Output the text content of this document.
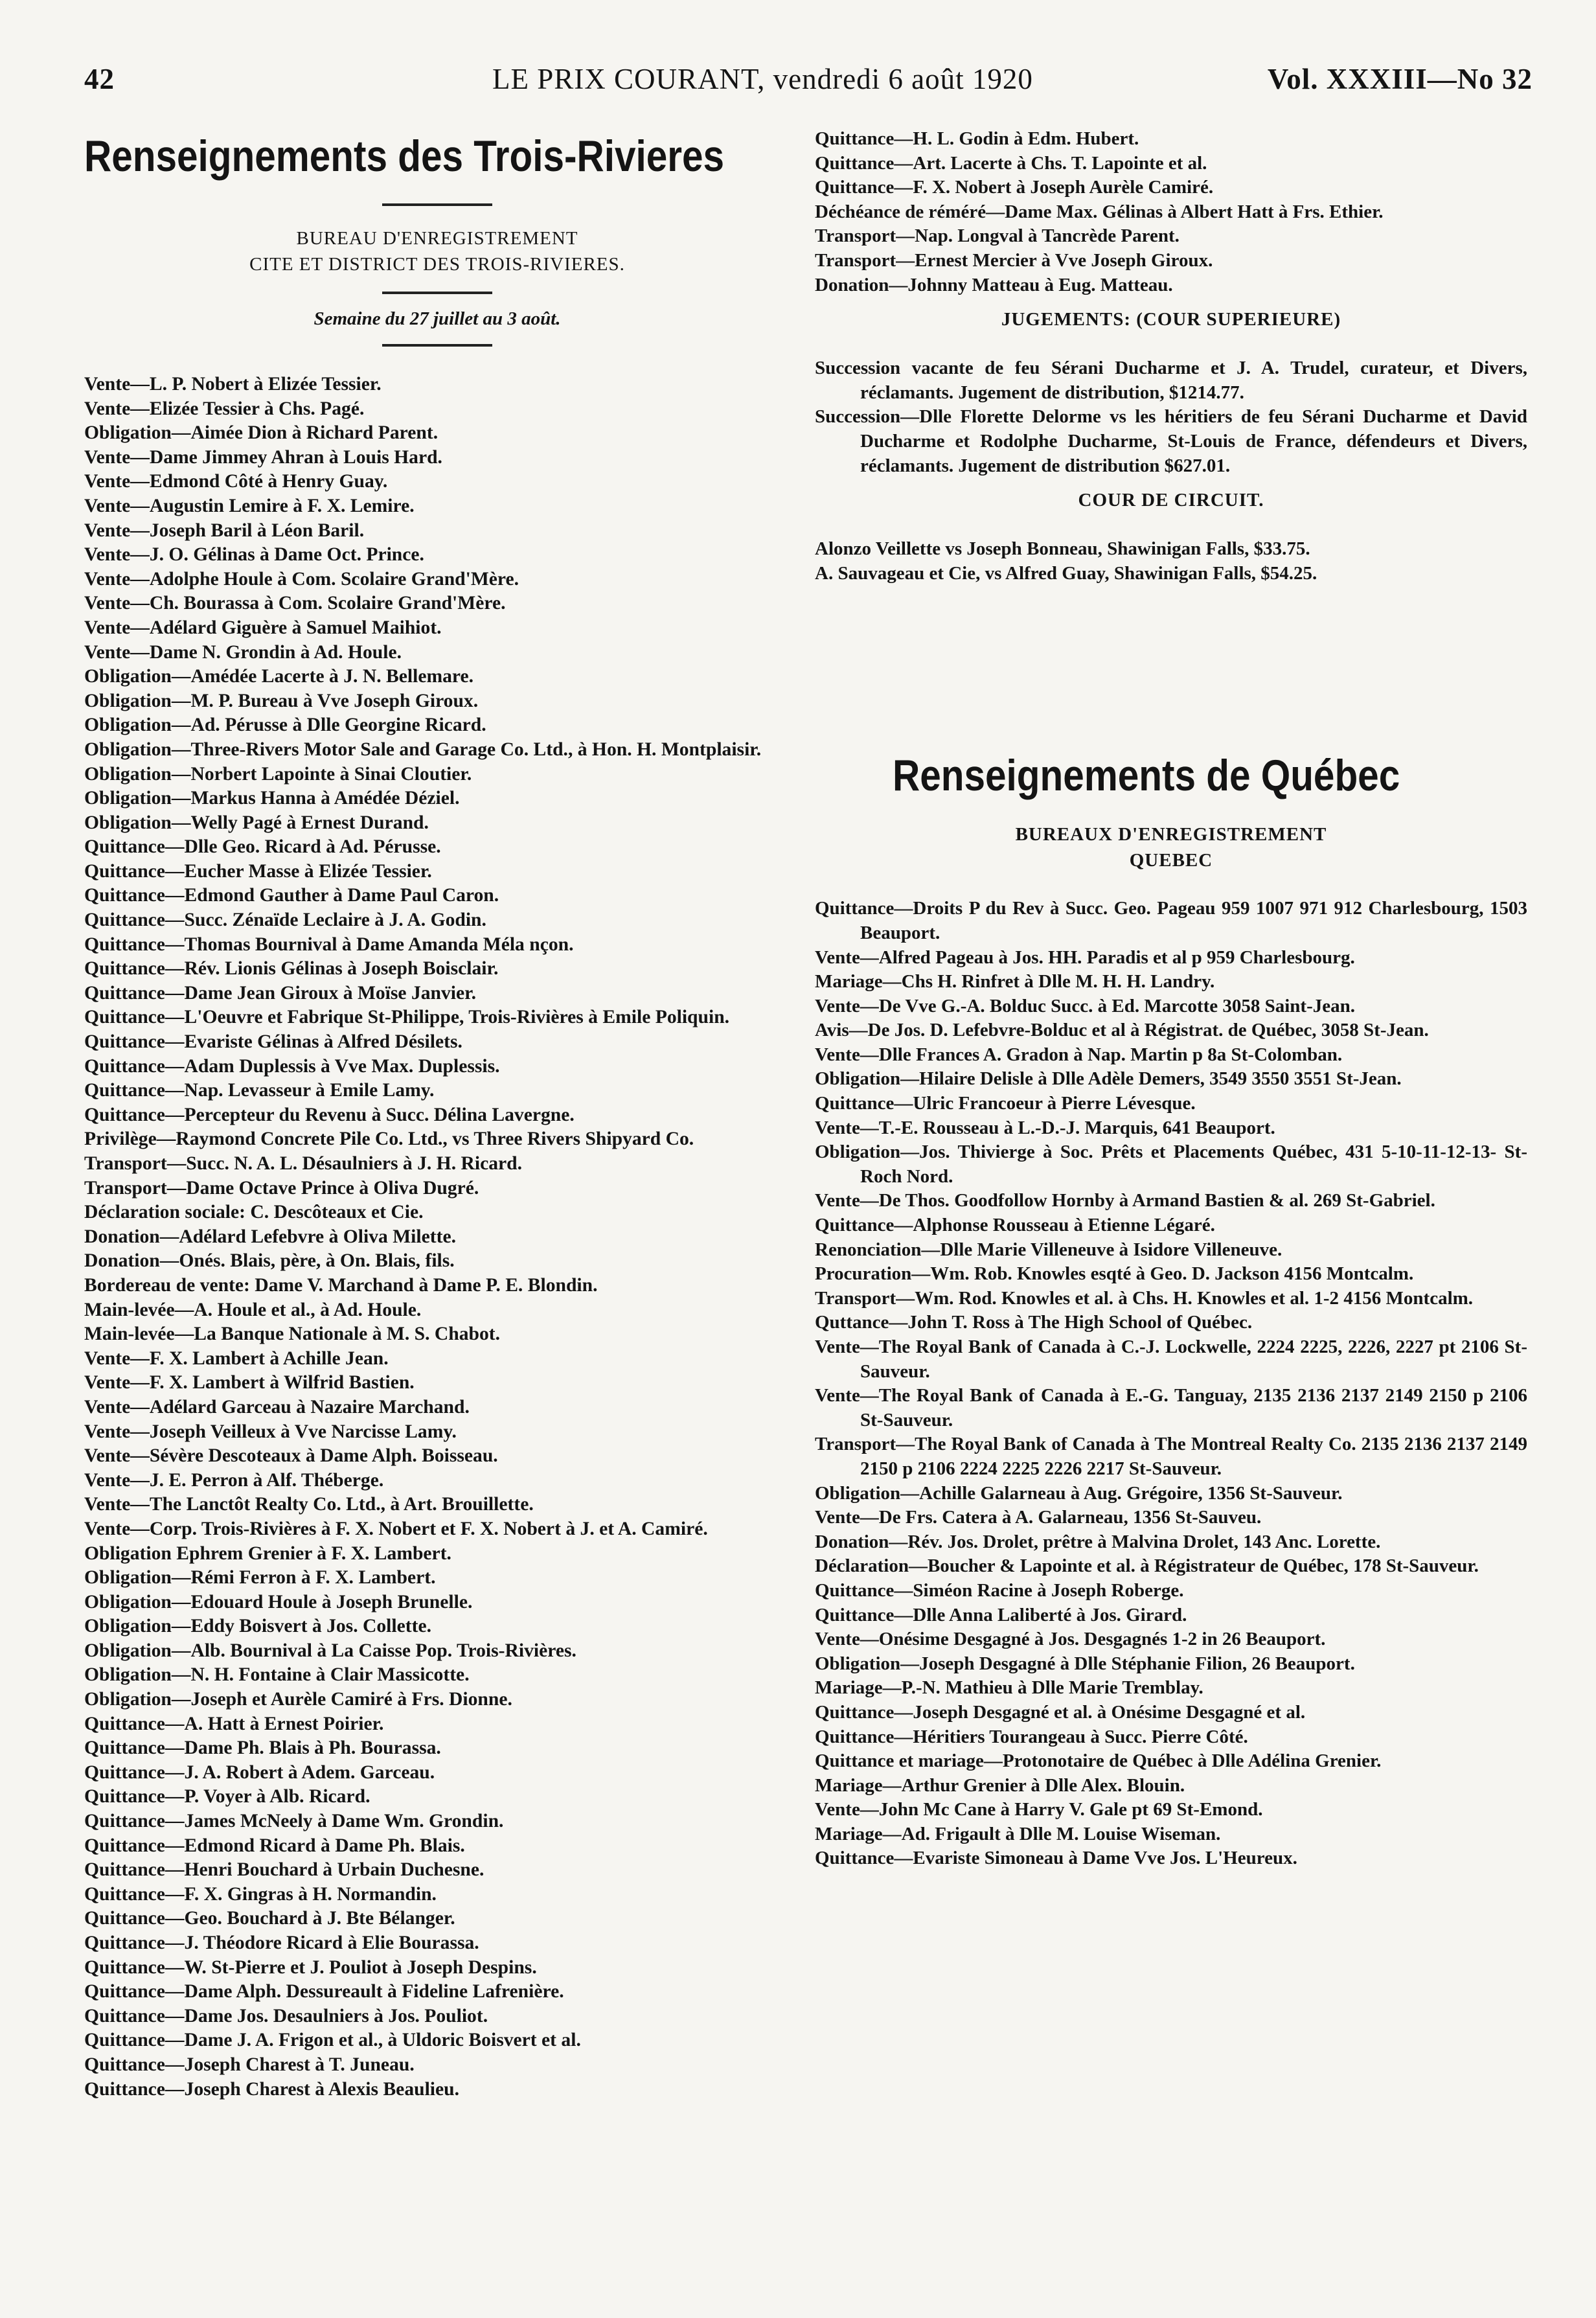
42	LE PRIX COURANT, vendredi 6 août 1920	Vol. XXXIII—No 32
Renseignements des Trois-Rivieres
BUREAU D'ENREGISTREMENT
CITE ET DISTRICT DES TROIS-RIVIERES.
Semaine du 27 juillet au 3 août.
Vente—L. P. Nobert à Elizée Tessier.
Vente—Elizée Tessier à Chs. Pagé.
Obligation—Aimée Dion à Richard Parent.
Vente—Dame Jimmey Ahran à Louis Hard.
Vente—Edmond Côté à Henry Guay.
Vente—Augustin Lemire à F. X. Lemire.
Vente—Joseph Baril à Léon Baril.
Vente—J. O. Gélinas à Dame Oct. Prince.
Vente—Adolphe Houle à Com. Scolaire Grand'Mère.
Vente—Ch. Bourassa à Com. Scolaire Grand'Mère.
Vente—Adélard Giguère à Samuel Maihiot.
Vente—Dame N. Grondin à Ad. Houle.
Obligation—Amédée Lacerte à J. N. Bellemare.
Obligation—M. P. Bureau à Vve Joseph Giroux.
Obligation—Ad. Pérusse à Dlle Georgine Ricard.
Obligation—Three-Rivers Motor Sale and Garage Co. Ltd., à Hon. H. Montplaisir.
Obligation—Norbert Lapointe à Sinai Cloutier.
Obligation—Markus Hanna à Amédée Déziel.
Obligation—Welly Pagé à Ernest Durand.
Quittance—Dlle Geo. Ricard à Ad. Pérusse.
Quittance—Eucher Masse à Elizée Tessier.
Quittance—Edmond Gauther à Dame Paul Caron.
Quittance—Succ. Zénaïde Leclaire à J. A. Godin.
Quittance—Thomas Bournival à Dame Amanda Méla nçon.
Quittance—Rév. Lionis Gélinas à Joseph Boisclair.
Quittance—Dame Jean Giroux à Moïse Janvier.
Quittance—L'Oeuvre et Fabrique St-Philippe, Trois-Rivières à Emile Poliquin.
Quittance—Evariste Gélinas à Alfred Désilets.
Quittance—Adam Duplessis à Vve Max. Duplessis.
Quittance—Nap. Levasseur à Emile Lamy.
Quittance—Percepteur du Revenu à Succ. Délina Lavergne.
Privilège—Raymond Concrete Pile Co. Ltd., vs Three Rivers Shipyard Co.
Transport—Succ. N. A. L. Désaulniers à J. H. Ricard.
Transport—Dame Octave Prince à Oliva Dugré.
Déclaration sociale: C. Descôteaux et Cie.
Donation—Adélard Lefebvre à Oliva Milette.
Donation—Onés. Blais, père, à On. Blais, fils.
Bordereau de vente: Dame V. Marchand à Dame P. E. Blondin.
Main-levée—A. Houle et al., à Ad. Houle.
Main-levée—La Banque Nationale à M. S. Chabot.
Vente—F. X. Lambert à Achille Jean.
Vente—F. X. Lambert à Wilfrid Bastien.
Vente—Adélard Garceau à Nazaire Marchand.
Vente—Joseph Veilleux à Vve Narcisse Lamy.
Vente—Sévère Descoteaux à Dame Alph. Boisseau.
Vente—J. E. Perron à Alf. Théberge.
Vente—The Lanctôt Realty Co. Ltd., à Art. Brouillette.
Vente—Corp. Trois-Rivières à F. X. Nobert et F. X. Nobert à J. et A. Camiré.
Obligation Ephrem Grenier à F. X. Lambert.
Obligation—Rémi Ferron à F. X. Lambert.
Obligation—Edouard Houle à Joseph Brunelle.
Obligation—Eddy Boisvert à Jos. Collette.
Obligation—Alb. Bournival à La Caisse Pop. Trois-Rivières.
Obligation—N. H. Fontaine à Clair Massicotte.
Obligation—Joseph et Aurèle Camiré à Frs. Dionne.
Quittance—A. Hatt à Ernest Poirier.
Quittance—Dame Ph. Blais à Ph. Bourassa.
Quittance—J. A. Robert à Adem. Garceau.
Quittance—P. Voyer à Alb. Ricard.
Quittance—James McNeely à Dame Wm. Grondin.
Quittance—Edmond Ricard à Dame Ph. Blais.
Quittance—Henri Bouchard à Urbain Duchesne.
Quittance—F. X. Gingras à H. Normandin.
Quittance—Geo. Bouchard à J. Bte Bélanger.
Quittance—J. Théodore Ricard à Elie Bourassa.
Quittance—W. St-Pierre et J. Pouliot à Joseph Despins.
Quittance—Dame Alph. Dessureault à Fideline Lafrenière.
Quittance—Dame Jos. Desaulniers à Jos. Pouliot.
Quittance—Dame J. A. Frigon et al., à Uldoric Boisvert et al.
Quittance—Joseph Charest à T. Juneau.
Quittance—Joseph Charest à Alexis Beaulieu.
Quittance—H. L. Godin à Edm. Hubert.
Quittance—Art. Lacerte à Chs. T. Lapointe et al.
Quittance—F. X. Nobert à Joseph Aurèle Camiré.
Déchéance de réméré—Dame Max. Gélinas à Albert Hatt à Frs. Ethier.
Transport—Nap. Longval à Tancrède Parent.
Transport—Ernest Mercier à Vve Joseph Giroux.
Donation—Johnny Matteau à Eug. Matteau.
JUGEMENTS: (COUR SUPERIEURE)
Succession vacante de feu Sérani Ducharme et J. A. Trudel, curateur, et Divers, réclamants. Jugement de distribution, $1214.77.
Succession—Dlle Florette Delorme vs les héritiers de feu Sérani Ducharme et David Ducharme et Rodolphe Ducharme, St-Louis de France, défendeurs et Divers, réclamants. Jugement de distribution $627.01.
COUR DE CIRCUIT.
Alonzo Veillette vs Joseph Bonneau, Shawinigan Falls, $33.75.
A. Sauvageau et Cie, vs Alfred Guay, Shawinigan Falls, $54.25.
Renseignements de Québec
BUREAUX D'ENREGISTREMENT
QUEBEC
Quittance—Droits P du Rev à Succ. Geo. Pageau 959 1007 971 912 Charlesbourg, 1503 Beauport.
Vente—Alfred Pageau à Jos. HH. Paradis et al p 959 Charlesbourg.
Mariage—Chs H. Rinfret à Dlle M. H. H. Landry.
Vente—De Vve G.-A. Bolduc Succ. à Ed. Marcotte 3058 Saint-Jean.
Avis—De Jos. D. Lefebvre-Bolduc et al à Régistrat. de Québec, 3058 St-Jean.
Vente—Dlle Frances A. Gradon à Nap. Martin p 8a St-Colomban.
Obligation—Hilaire Delisle à Dlle Adèle Demers, 3549 3550 3551 St-Jean.
Quittance—Ulric Francoeur à Pierre Lévesque.
Vente—T.-E. Rousseau à L.-D.-J. Marquis, 641 Beauport.
Obligation—Jos. Thivierge à Soc. Prêts et Placements Québec, 431 5-10-11-12-13- St-Roch Nord.
Vente—De Thos. Goodfollow Hornby à Armand Bastien & al. 269 St-Gabriel.
Quittance—Alphonse Rousseau à Etienne Légaré.
Renonciation—Dlle Marie Villeneuve à Isidore Villeneuve.
Procuration—Wm. Rob. Knowles esqté à Geo. D. Jackson 4156 Montcalm.
Transport—Wm. Rod. Knowles et al. à Chs. H. Knowles et al. 1-2 4156 Montcalm.
Quttance—John T. Ross à The High School of Québec.
Vente—The Royal Bank of Canada à C.-J. Lockwelle, 2224 2225, 2226, 2227 pt 2106 St-Sauveur.
Vente—The Royal Bank of Canada à E.-G. Tanguay, 2135 2136 2137 2149 2150 p 2106 St-Sauveur.
Transport—The Royal Bank of Canada à The Montreal Realty Co. 2135 2136 2137 2149 2150 p 2106 2224 2225 2226 2217 St-Sauveur.
Obligation—Achille Galarneau à Aug. Grégoire, 1356 St-Sauveur.
Vente—De Frs. Catera à A. Galarneau, 1356 St-Sauveu.
Donation—Rév. Jos. Drolet, prêtre à Malvina Drolet, 143 Anc. Lorette.
Déclaration—Boucher & Lapointe et al. à Régistrateur de Québec, 178 St-Sauveur.
Quittance—Siméon Racine à Joseph Roberge.
Quittance—Dlle Anna Laliberté à Jos. Girard.
Vente—Onésime Desgagné à Jos. Desgagnés 1-2 in 26 Beauport.
Obligation—Joseph Desgagné à Dlle Stéphanie Filion, 26 Beauport.
Mariage—P.-N. Mathieu à Dlle Marie Tremblay.
Quittance—Joseph Desgagné et al. à Onésime Desgagné et al.
Quittance—Héritiers Tourangeau à Succ. Pierre Côté.
Quittance et mariage—Protonotaire de Québec à Dlle Adélina Grenier.
Mariage—Arthur Grenier à Dlle Alex. Blouin.
Vente—John Mc Cane à Harry V. Gale pt 69 St-Emond.
Mariage—Ad. Frigault à Dlle M. Louise Wiseman.
Quittance—Evariste Simoneau à Dame Vve Jos. L'Heureux.
